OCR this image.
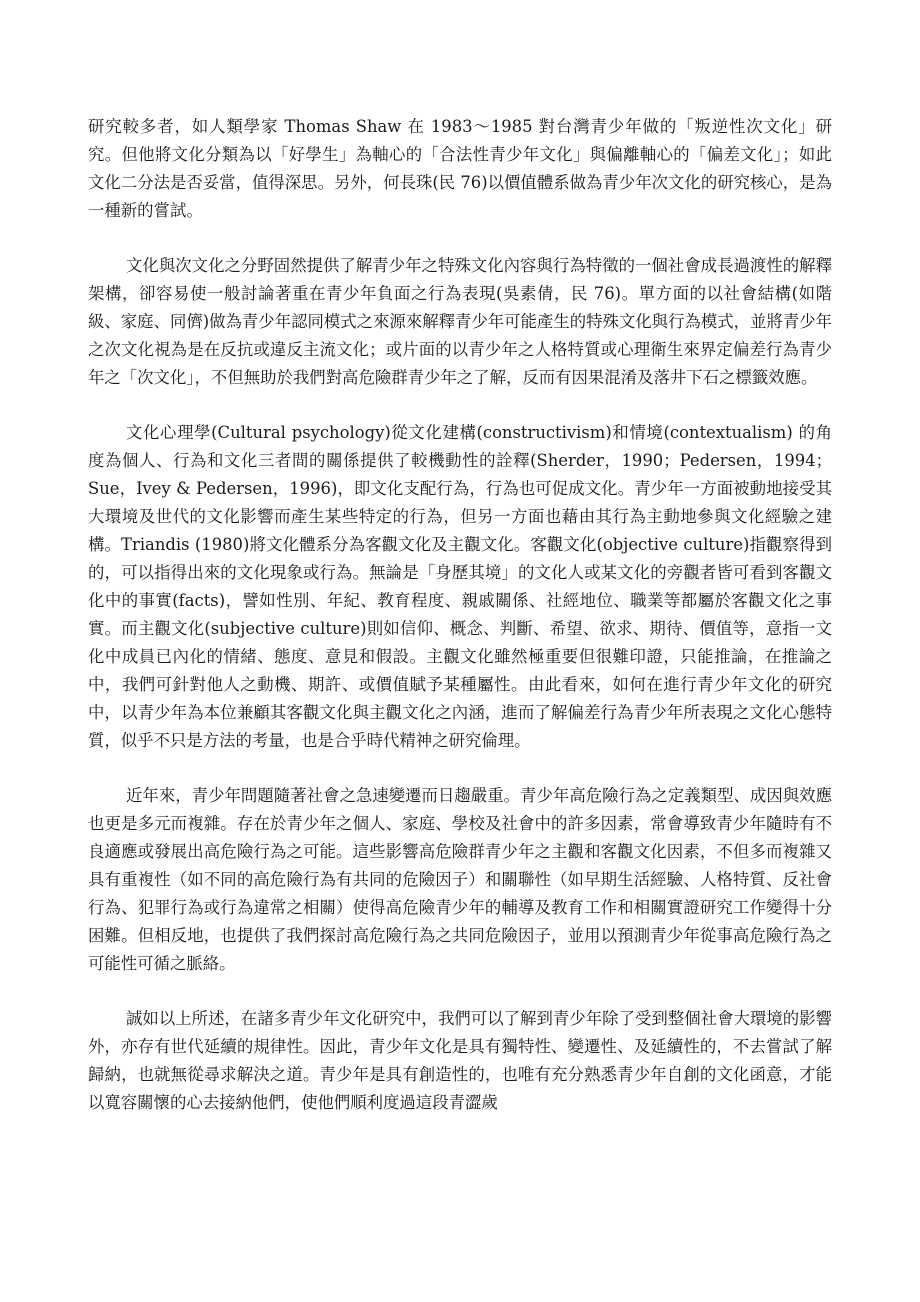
研究較多者，如人類學家 Thomas Shaw 在 1983～1985 對台灣青少年做的「叛逆性次文化」研究。但他將文化分類為以「好學生」為軸心的「合法性青少年文化」與偏離軸心的「偏差文化」；如此文化二分法是否妥當，值得深思。另外，何長珠(民 76)以價值體系做為青少年次文化的研究核心，是為一種新的嘗試。

文化與次文化之分野固然提供了解青少年之特殊文化內容與行為特徵的一個社會成長過渡性的解釋架構，卻容易使一般討論著重在青少年負面之行為表現(吳素倩，民 76)。單方面的以社會結構(如階級、家庭、同儕)做為青少年認同模式之來源來解釋青少年可能產生的特殊文化與行為模式，並將青少年之次文化視為是在反抗或違反主流文化；或片面的以青少年之人格特質或心理衛生來界定偏差行為青少年之「次文化」，不但無助於我們對高危險群青少年之了解，反而有因果混淆及落井下石之標籤效應。

文化心理學(Cultural psychology)從文化建構(constructivism)和情境(contextualism) 的角度為個人、行為和文化三者間的關係提供了較機動性的詮釋(Sherder，1990；Pedersen，1994；Sue，Ivey & Pedersen，1996)，即文化支配行為，行為也可促成文化。青少年一方面被動地接受其大環境及世代的文化影響而產生某些特定的行為，但另一方面也藉由其行為主動地參與文化經驗之建構。Triandis (1980)將文化體系分為客觀文化及主觀文化。客觀文化(objective culture)指觀察得到的，可以指得出來的文化現象或行為。無論是「身歷其境」的文化人或某文化的旁觀者皆可看到客觀文化中的事實(facts)，譬如性別、年紀、教育程度、親戚關係、社經地位、職業等都屬於客觀文化之事實。而主觀文化(subjective culture)則如信仰、概念、判斷、希望、欲求、期待、價值等，意指一文化中成員已內化的情緒、態度、意見和假設。主觀文化雖然極重要但很難印證，只能推論，在推論之中，我們可針對他人之動機、期許、或價值賦予某種屬性。由此看來，如何在進行青少年文化的研究中，以青少年為本位兼顧其客觀文化與主觀文化之內涵，進而了解偏差行為青少年所表現之文化心態特質，似乎不只是方法的考量，也是合乎時代精神之研究倫理。

近年來，青少年問題隨著社會之急速變遷而日趨嚴重。青少年高危險行為之定義類型、成因與效應也更是多元而複雜。存在於青少年之個人、家庭、學校及社會中的許多因素，常會導致青少年隨時有不良適應或發展出高危險行為之可能。這些影響高危險群青少年之主觀和客觀文化因素，不但多而複雜又具有重複性（如不同的高危險行為有共同的危險因子）和關聯性（如早期生活經驗、人格特質、反社會行為、犯罪行為或行為違常之相關）使得高危險青少年的輔導及教育工作和相關實證研究工作變得十分困難。但相反地，也提供了我們探討高危險行為之共同危險因子，並用以預測青少年從事高危險行為之可能性可循之脈絡。

誠如以上所述，在諸多青少年文化研究中，我們可以了解到青少年除了受到整個社會大環境的影響外，亦存有世代延續的規律性。因此，青少年文化是具有獨特性、變遷性、及延續性的，不去嘗試了解歸納，也就無從尋求解決之道。青少年是具有創造性的，也唯有充分熟悉青少年自創的文化函意，才能以寬容關懷的心去接納他們，使他們順利度過這段青澀歲
